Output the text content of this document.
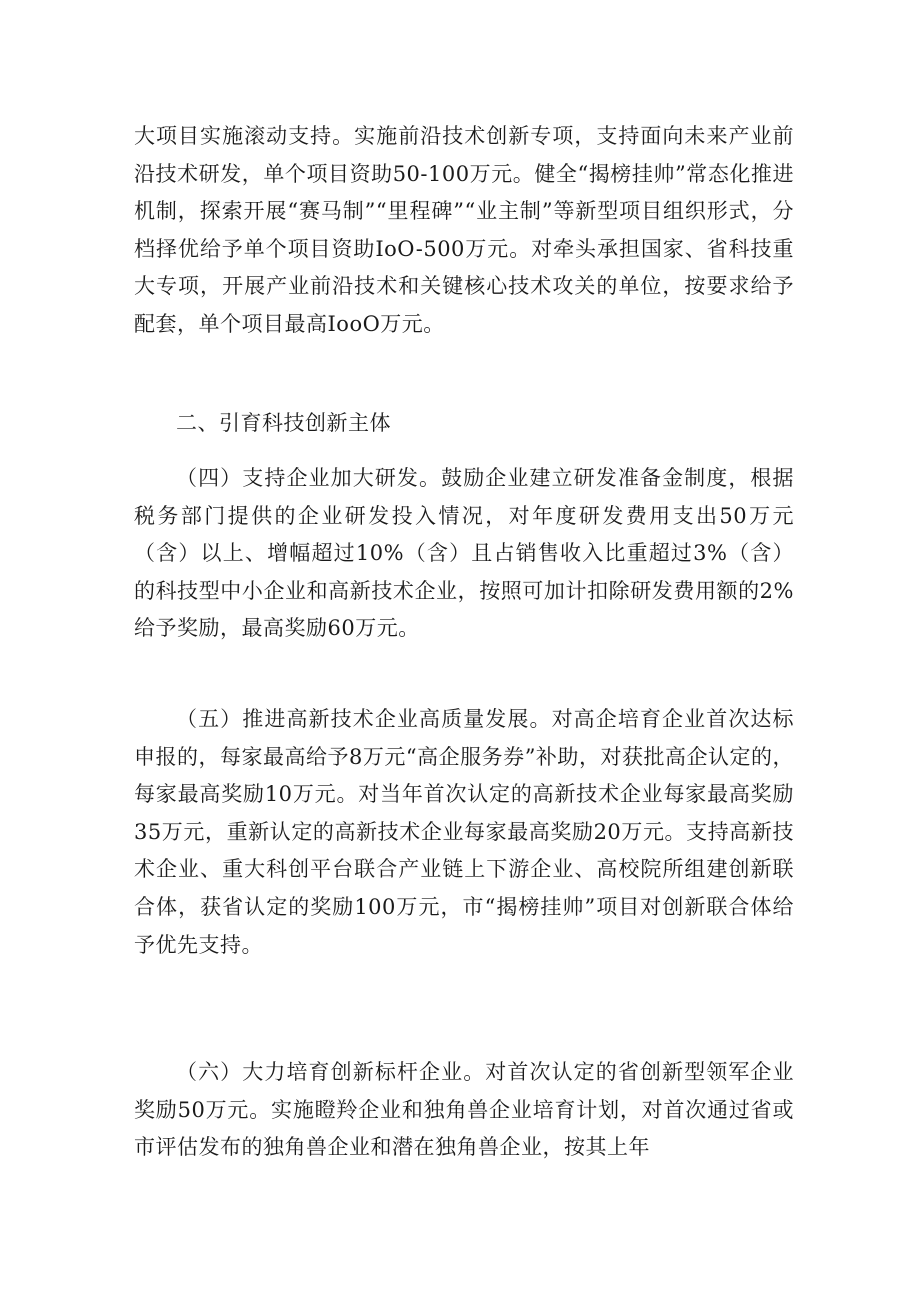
大项目实施滚动支持。实施前沿技术创新专项，支持面向未来产业前沿技术研发，单个项目资助50-100万元。健全“揭榜挂帅”常态化推进机制，探索开展“赛马制”“里程碑”“业主制”等新型项目组织形式，分档择优给予单个项目资助IoO-500万元。对牵头承担国家、省科技重大专项，开展产业前沿技术和关键核心技术攻关的单位，按要求给予配套，单个项目最高IooO万元。

二、引育科技创新主体

（四）支持企业加大研发。鼓励企业建立研发准备金制度，根据税务部门提供的企业研发投入情况，对年度研发费用支出50万元（含）以上、增幅超过10%（含）且占销售收入比重超过3%（含）的科技型中小企业和高新技术企业，按照可加计扣除研发费用额的2%给予奖励，最高奖励60万元。

（五）推进高新技术企业高质量发展。对高企培育企业首次达标申报的，每家最高给予8万元“高企服务券”补助，对获批高企认定的，每家最高奖励10万元。对当年首次认定的高新技术企业每家最高奖励35万元，重新认定的高新技术企业每家最高奖励20万元。支持高新技术企业、重大科创平台联合产业链上下游企业、高校院所组建创新联合体，获省认定的奖励100万元，市“揭榜挂帅”项目对创新联合体给予优先支持。

（六）大力培育创新标杆企业。对首次认定的省创新型领军企业奖励50万元。实施瞪羚企业和独角兽企业培育计划，对首次通过省或市评估发布的独角兽企业和潜在独角兽企业，按其上年
